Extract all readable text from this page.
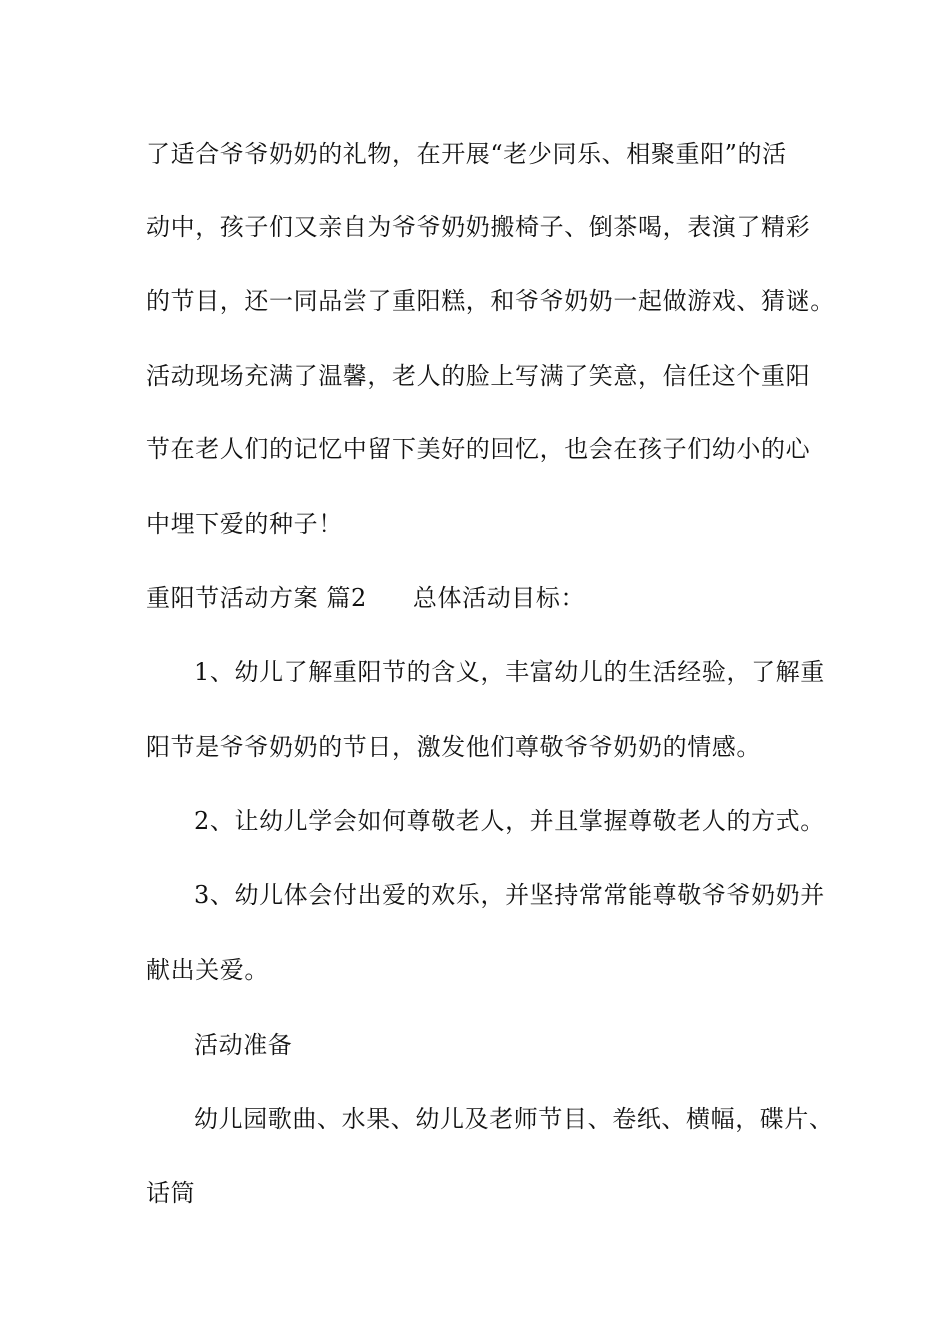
了适合爷爷奶奶的礼物，在开展“老少同乐、相聚重阳”的活
动中，孩子们又亲自为爷爷奶奶搬椅子、倒茶喝，表演了精彩
的节目，还一同品尝了重阳糕，和爷爷奶奶一起做游戏、猜谜。
活动现场充满了温馨，老人的脸上写满了笑意，信任这个重阳
节在老人们的记忆中留下美好的回忆，也会在孩子们幼小的心
中埋下爱的种子！
重阳节活动方案 篇2 总体活动目标：
1、幼儿了解重阳节的含义，丰富幼儿的生活经验，了解重
阳节是爷爷奶奶的节日，激发他们尊敬爷爷奶奶的情感。
2、让幼儿学会如何尊敬老人，并且掌握尊敬老人的方式。
3、幼儿体会付出爱的欢乐，并坚持常常能尊敬爷爷奶奶并
献出关爱。
活动准备
幼儿园歌曲、水果、幼儿及老师节目、卷纸、横幅，碟片、
话筒
